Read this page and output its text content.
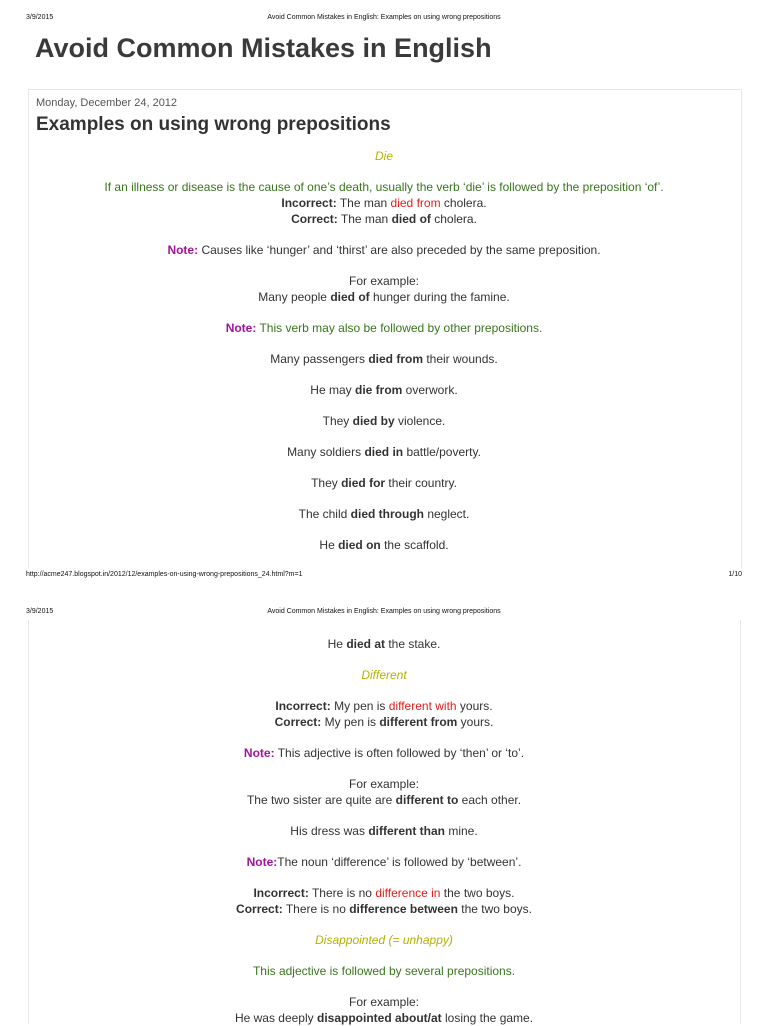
3/9/2015	Avoid Common Mistakes in English: Examples on using wrong prepositions
Avoid Common Mistakes in English
Monday, December 24, 2012
Examples on using wrong prepositions

Die

If an illness or disease is the cause of one’s death, usually the verb ‘die’ is followed by the preposition ‘of’.

Incorrect: The man died from cholera.

Correct: The man died of cholera.

Note: Causes like ‘hunger’ and ‘thirst’ are also preceded by the same preposition.

For example:

Many people died of hunger during the famine.

Note: This verb may also be followed by other prepositions.

Many passengers died from their wounds.

He may die from overwork.

They died by violence.

Many soldiers died in battle/poverty.

They died for their country.

The child died through neglect.

He died on the scaffold.

http://acme247.blogspot.in/2012/12/examples-on-using-wrong-prepositions_24.html?m=1	1/10
3/9/2015	Avoid Common Mistakes in English: Examples on using wrong prepositions

He died at the stake.

Different

Incorrect: My pen is different with yours.

Correct: My pen is different from yours.

Note: This adjective is often followed by ‘then’ or ‘to’.

For example:

The two sister are quite are different to each other.

His dress was different than mine.

Note:The noun ‘difference’ is followed by ‘between’.

Incorrect: There is no difference in the two boys.

Correct: There is no difference between the two boys.

Disappointed (= unhappy)

This adjective is followed by several prepositions.

For example:

He was deeply disappointed about/at losing the game.
